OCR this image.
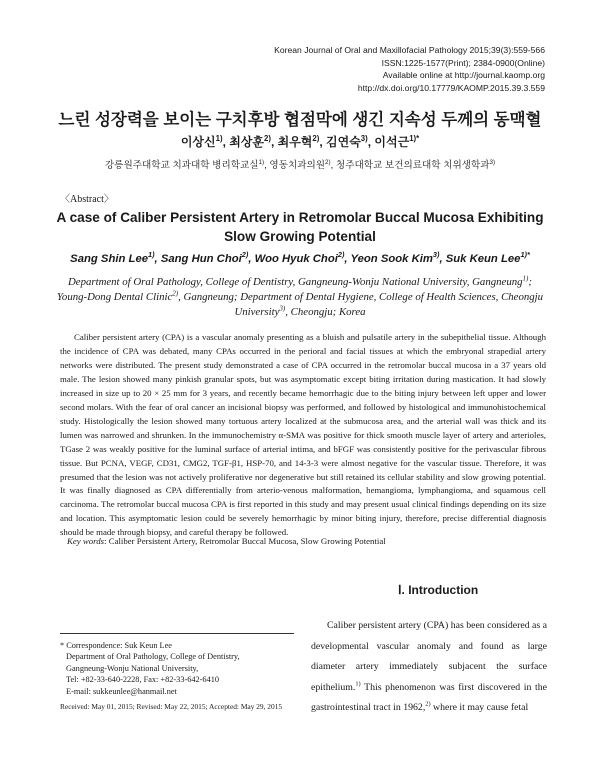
Korean Journal of Oral and Maxillofacial Pathology 2015;39(3):559-566
ISSN:1225-1577(Print); 2384-0900(Online)
Available online at http://journal.kaomp.org
http://dx.doi.org/10.17779/KAOMP.2015.39.3.559
느린 성장력을 보이는 구치후방 협점막에 생긴 지속성 두께의 동맥혈
이상신$^{1)}$, 최상훈$^{2)}$, 최우혁$^{2)}$, 김연숙$^{3)}$, 이석근$^{1)*}$
강릉원주대학교 치과대학 병리학교실$^{1)}$, 영동치과의원$^{2)}$, 청주대학교 보건의료대학 치위생학과$^{3)}$
〈Abstract〉
A case of Caliber Persistent Artery in Retromolar Buccal Mucosa Exhibiting Slow Growing Potential
Sang Shin Lee$^{1)}$, Sang Hun Choi$^{2)}$, Woo Hyuk Choi$^{2)}$, Yeon Sook Kim$^{3)}$, Suk Keun Lee$^{1)*}$
Department of Oral Pathology, College of Dentistry, Gangneung-Wonju National University, Gangneung$^{1)}$; Young-Dong Dental Clinic$^{2)}$, Gangneung; Department of Dental Hygiene, College of Health Sciences, Cheongju University$^{3)}$, Cheongju; Korea

Caliber persistent artery (CPA) is a vascular anomaly presenting as a bluish and pulsatile artery in the subepithelial tissue. Although the incidence of CPA was debated, many CPAs occurred in the perioral and facial tissues at which the embryonal strapedial artery networks were distributed. The present study demonstrated a case of CPA occurred in the retromolar buccal mucosa in a 37 years old male. The lesion showed many pinkish granular spots, but was asymptomatic except biting irritation during mastication. It had slowly increased in size up to 20 × 25 mm for 3 years, and recently became hemorrhagic due to the biting injury between left upper and lower second molars. With the fear of oral cancer an incisional biopsy was performed, and followed by histological and immunohistochemical study. Histologically the lesion showed many tortuous artery localized at the submucosa area, and the arterial wall was thick and its lumen was narrowed and shrunken. In the immunochemistry α-SMA was positive for thick smooth muscle layer of artery and arterioles, TGase 2 was weakly positive for the luminal surface of arterial intima, and bFGF was consistently positive for the perivascular fibrous tissue. But PCNA, VEGF, CD31, CMG2, TGF-β1, HSP-70, and 14-3-3 were almost negative for the vascular tissue. Therefore, it was presumed that the lesion was not actively proliferative nor degenerative but still retained its cellular stability and slow growing potential. It was finally diagnosed as CPA differentially from arterio-venous malformation, hemangioma, lymphangioma, and squamous cell carcinoma. The retromolar buccal mucosa CPA is first reported in this study and may present usual clinical findings depending on its size and location. This asymptomatic lesion could be severely hemorrhagic by minor biting injury, therefore, precise differential diagnosis should be made through biopsy, and careful therapy be followed.

Key words: Caliber Persistent Artery, Retromolar Buccal Mucosa, Slow Growing Potential
Ⅰ. Introduction

Caliber persistent artery (CPA) has been considered as a developmental vascular anomaly and found as large diameter artery immediately subjacent the surface epithelium.$^{1)}$ This phenomenon was first discovered in the gastrointestinal tract in 1962,$^{2)}$ where it may cause fetal

* Correspondence: Suk Keun Lee
Department of Oral Pathology, College of Dentistry,
Gangneung-Wonju National University,
Tel: +82-33-640-2228, Fax: +82-33-642-6410
E-mail: sukkeunlee@hanmail.net
Received: May 01, 2015; Revised: May 22, 2015; Accepted: May 29, 2015
